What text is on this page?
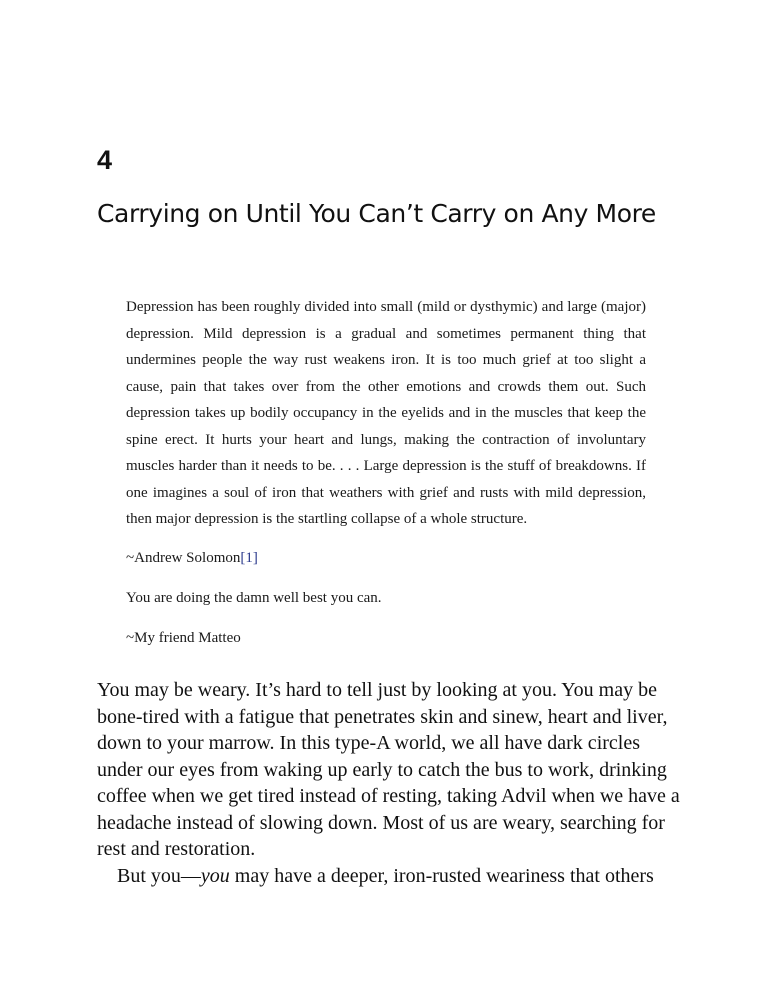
4
Carrying on Until You Can’t Carry on Any More

Depression has been roughly divided into small (mild or dysthymic) and large (major) depression. Mild depression is a gradual and sometimes permanent thing that undermines people the way rust weakens iron. It is too much grief at too slight a cause, pain that takes over from the other emotions and crowds them out. Such depression takes up bodily occupancy in the eyelids and in the muscles that keep the spine erect. It hurts your heart and lungs, making the contraction of involuntary muscles harder than it needs to be. . . . Large depression is the stuff of breakdowns. If one imagines a soul of iron that weathers with grief and rusts with mild depression, then major depression is the startling collapse of a whole structure.

~Andrew Solomon[1]

You are doing the damn well best you can.

~My friend Matteo

You may be weary. It’s hard to tell just by looking at you. You may be
bone-tired with a fatigue that penetrates skin and sinew, heart and liver,
down to your marrow. In this type-A world, we all have dark circles
under our eyes from waking up early to catch the bus to work, drinking
coffee when we get tired instead of resting, taking Advil when we have a
headache instead of slowing down. Most of us are weary, searching for
rest and restoration.

But you—you may have a deeper, iron-rusted weariness that others
